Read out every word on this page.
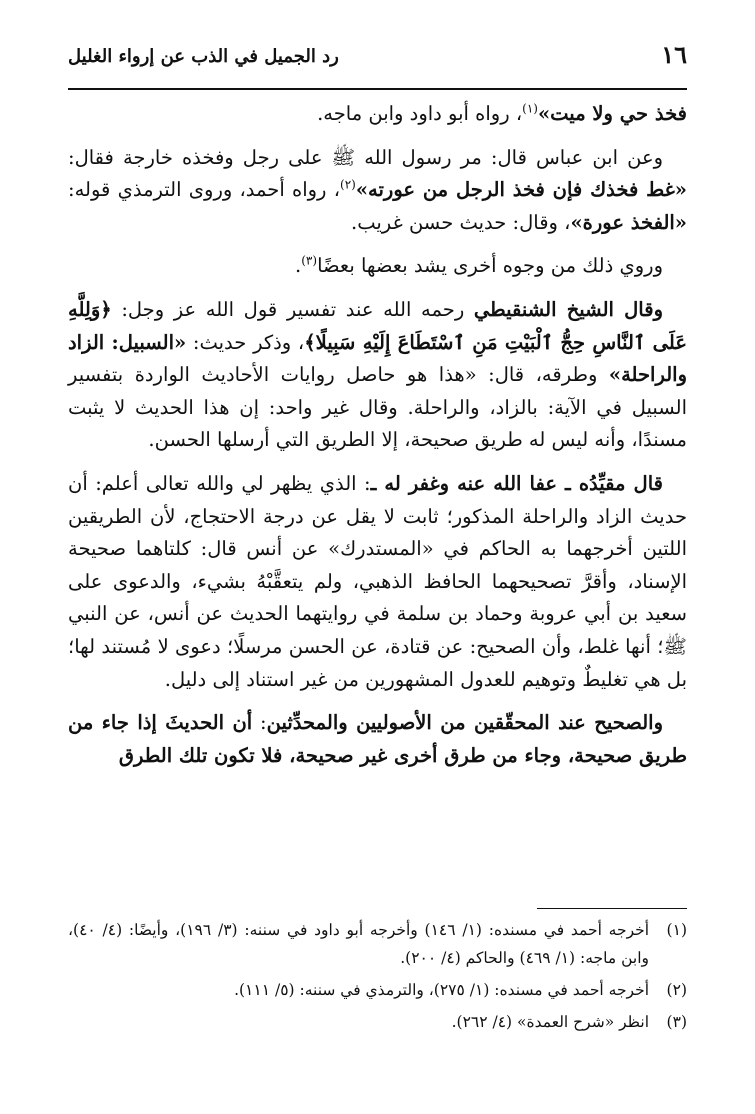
١٦
رد الجميل في الذب عن إرواء الغليل

فخذ حي ولا ميت»$^{(١)}$، رواه أبو داود وابن ماجه.

وعن ابن عباس قال: مر رسول الله ﷺ على رجل وفخذه خارجة فقال: «غط فخذك فإن فخذ الرجل من عورته»$^{(٢)}$، رواه أحمد، وروى الترمذي قوله: «الفخذ عورة»، وقال: حديث حسن غريب.

وروي ذلك من وجوه أخرى يشد بعضها بعضًا$^{(٣)}$.

وقال الشيخ الشنقيطي رحمه الله عند تفسير قول الله عز وجل: ﴿وَلِلَّهِ عَلَى ٱلنَّاسِ حِجُّ ٱلْبَيْتِ مَنِ ٱسْتَطَاعَ إِلَيْهِ سَبِيلًا﴾، وذكر حديث: «السبيل: الزاد والراحلة» وطرقه، قال: «هذا هو حاصل روايات الأحاديث الواردة بتفسير السبيل في الآية: بالزاد، والراحلة. وقال غير واحد: إن هذا الحديث لا يثبت مسندًا، وأنه ليس له طريق صحيحة، إلا الطريق التي أرسلها الحسن.

قال مقيِّدُه ـ عفا الله عنه وغفر له ـ: الذي يظهر لي والله تعالى أعلم: أن حديث الزاد والراحلة المذكور؛ ثابت لا يقل عن درجة الاحتجاج، لأن الطريقين اللتين أخرجهما به الحاكم في «المستدرك» عن أنس قال: كلتاهما صحيحة الإسناد، وأقرَّ تصحيحهما الحافظ الذهبي، ولم يتعقَّبْهُ بشيء، والدعوى على سعيد بن أبي عروبة وحماد بن سلمة في روايتهما الحديث عن أنس، عن النبي ﷺ؛ أنها غلط، وأن الصحيح: عن قتادة، عن الحسن مرسلًا؛ دعوى لا مُستند لها؛ بل هي تغليطٌ وتوهيم للعدول المشهورين من غير استناد إلى دليل.

والصحيح عند المحقّقين من الأصوليين والمحدِّثين: أن الحديثَ إذا جاء من طريق صحيحة، وجاء من طرق أخرى غير صحيحة، فلا تكون تلك الطرق

(١)
أخرجه أحمد في مسنده: (١/ ١٤٦) وأخرجه أبو داود في سننه: (٣/ ١٩٦)، وأيضًا: (٤/ ٤٠)، وابن ماجه: (١/ ٤٦٩) والحاكم (٤/ ٢٠٠).
(٢)
أخرجه أحمد في مسنده: (١/ ٢٧٥)، والترمذي في سننه: (٥/ ١١١).
(٣)
انظر «شرح العمدة» (٤/ ٢٦٢).
